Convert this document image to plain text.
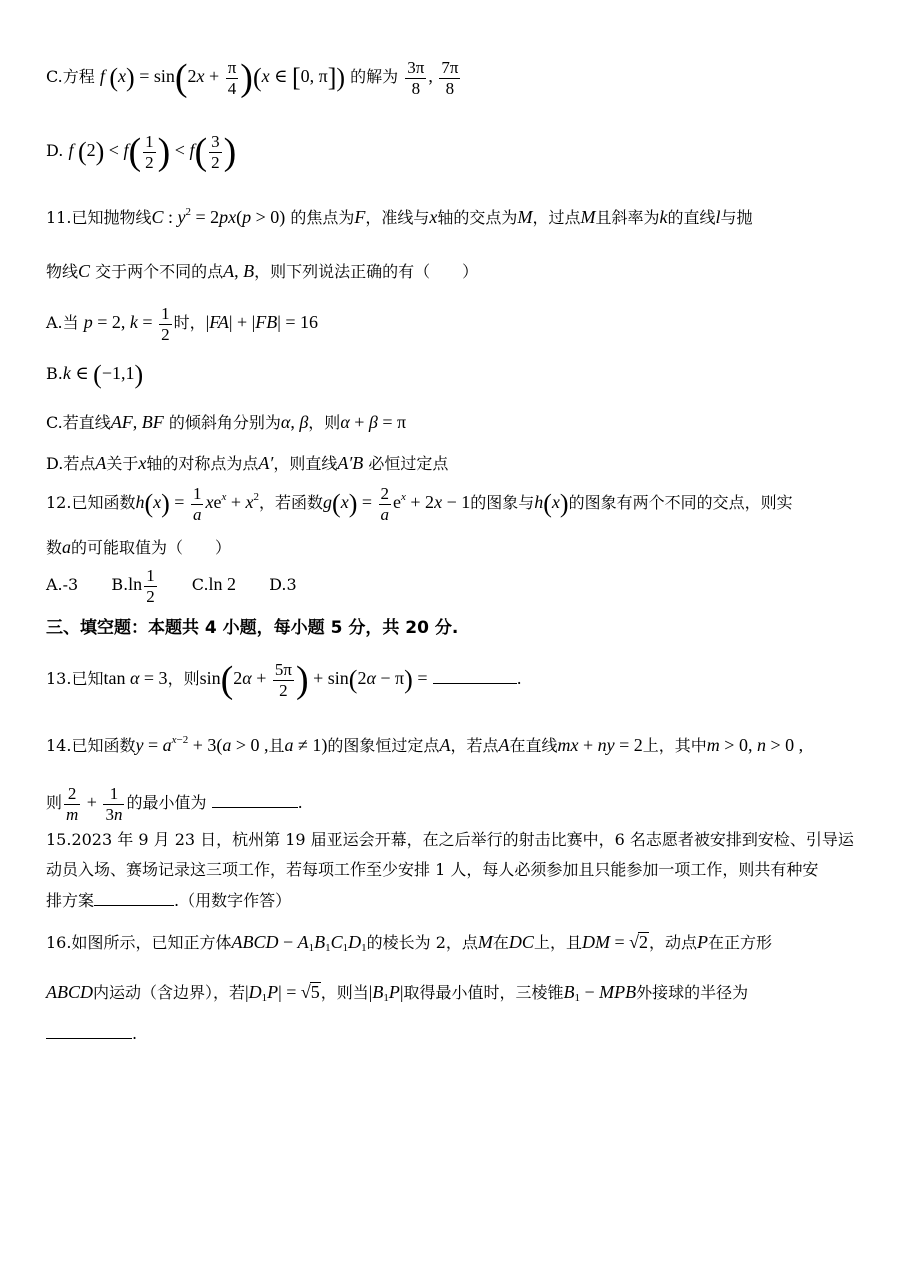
C.方程 f $(x) = \sin(2x + \frac{\pi}{4} )(x$ ∈ [0, π]) 的解为 $\frac{3\pi}{8}$ , $\frac{7\pi}{8}$
D. f $(2) < f( \frac{1}{2}$ ) < $f( \frac{3}{2}$ )
11.已知抛物线C : $y^2 = 2px(p > 0)$ 的焦点为F，准线与x轴的交点为M，过点M且斜率为k的直线l与抛
物线C 交于两个不同的点A, B，则下列说法正确的有（　　）
A.当 p = 2, $k = \frac{1}{2}$ 时，|FA| + |FB| = 16
B.k ∈ (−1,1)
C.若直线AF, BF 的倾斜角分别为α, β，则α + β = π
D.若点A关于x轴的对称点为点A′，则直线A′B 必恒过定点
12.已知函数$h(x) = \frac{1}{a} xe^x + x^2$，若函数$g(x) = \frac{2}{a} e^x + 2x - 1$的图象与h(x)的图象有两个不同的交点，则实
数a的可能取值为（　　）
A.-3 $B.\ln \frac{1}{2} C.\ln$ 2 D.3
三、填空题：本题共 4 小题，每小题 5 分，共 20 分.
13.已知tan α = 3，则$\sin(2\alpha + \frac{5\pi}{2}$ ) + sin(2α − π) =	.
14.已知函数$y = a^{x-2} + 3(a > 0$ ,且a ≠ 1)的图象恒过定点A，若点A在直线mx + ny = 2上，其中m > 0, n > 0 ,
则 $\frac{2}{m} + \frac{1}{3n}$ 的最小值为	.
15.2023 年 9 月 23 日，杭州第 19 届亚运会开幕，在之后举行的射击比赛中，6 名志愿者被安排到安检、引导运
动员入场、赛场记录这三项工作，若每项工作至少安排 1 人，每人必须参加且只能参加一项工作，则共有种安
排方案	.（用数字作答）
16.如图所示，已知正方体ABCD − $A_1B_1C_1D_1$的棱长为 2，点M在DC上，且DM = √2，动点P在正方形
ABCD内运动（含边界），若$|D_1P| = √5$，则当$|B_1P|$取得最小值时，三棱锥$B_1$ − MPB外接球的半径为
.
